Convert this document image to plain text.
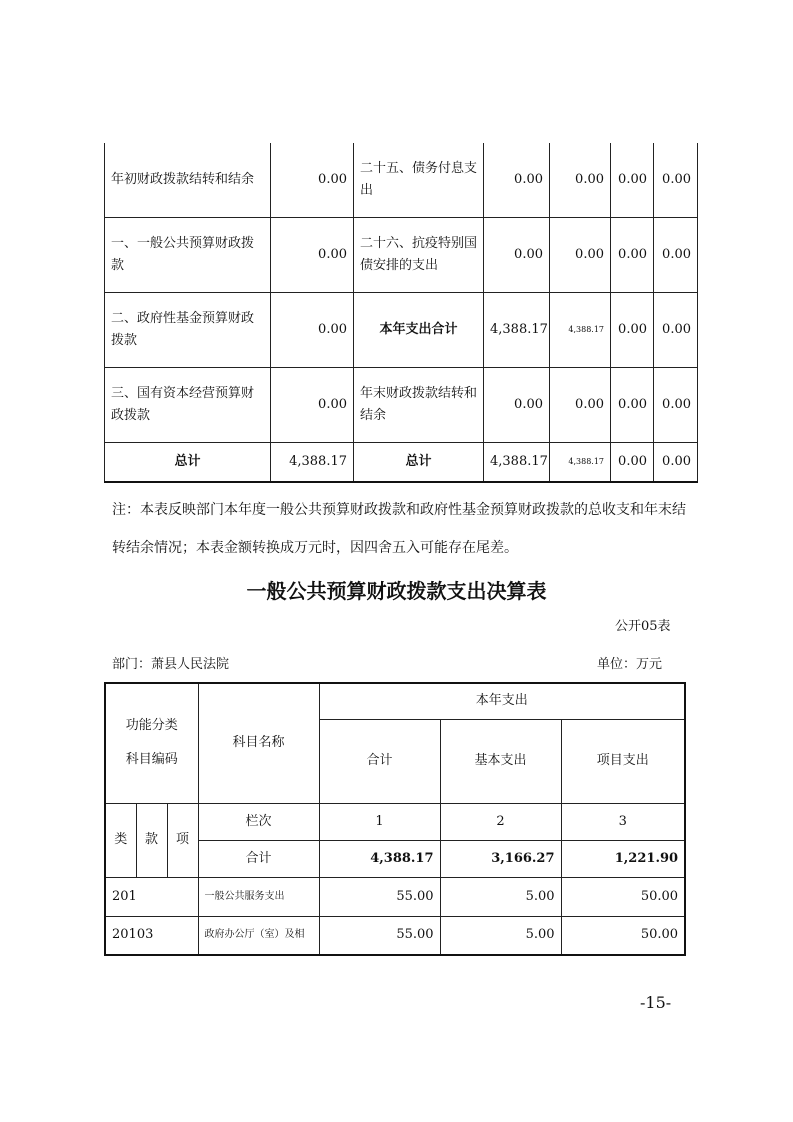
年初财政拨款结转和结余	0.00	二十五、债务付息支出	0.00	0.00	0.00	0.00
一、一般公共预算财政拨款	0.00	二十六、抗疫特别国债安排的支出	0.00	0.00	0.00	0.00
二、政府性基金预算财政拨款	0.00	本年支出合计	4,388.17	4,388.17	0.00	0.00
三、国有资本经营预算财政拨款	0.00	年末财政拨款结转和结余	0.00	0.00	0.00	0.00
总计	4,388.17	总计	4,388.17	4,388.17	0.00	0.00
注：本表反映部门本年度一般公共预算财政拨款和政府性基金预算财政拨款的总收支和年末结
转结余情况；本表金额转换成万元时，因四舍五入可能存在尾差。
一般公共预算财政拨款支出决算表
公开05表
部门：萧县人民法院	单位：万元
功能分类
科目编码			科目名称	本年支出		
				合计	基本支出	项目支出
类	款	项	栏次	1	2	3
			合计	4,388.17	3,166.27	1,221.90
201			一般公共服务支出	55.00	5.00	50.00
20103			政府办公厅（室）及相	55.00	5.00	50.00
-15-
